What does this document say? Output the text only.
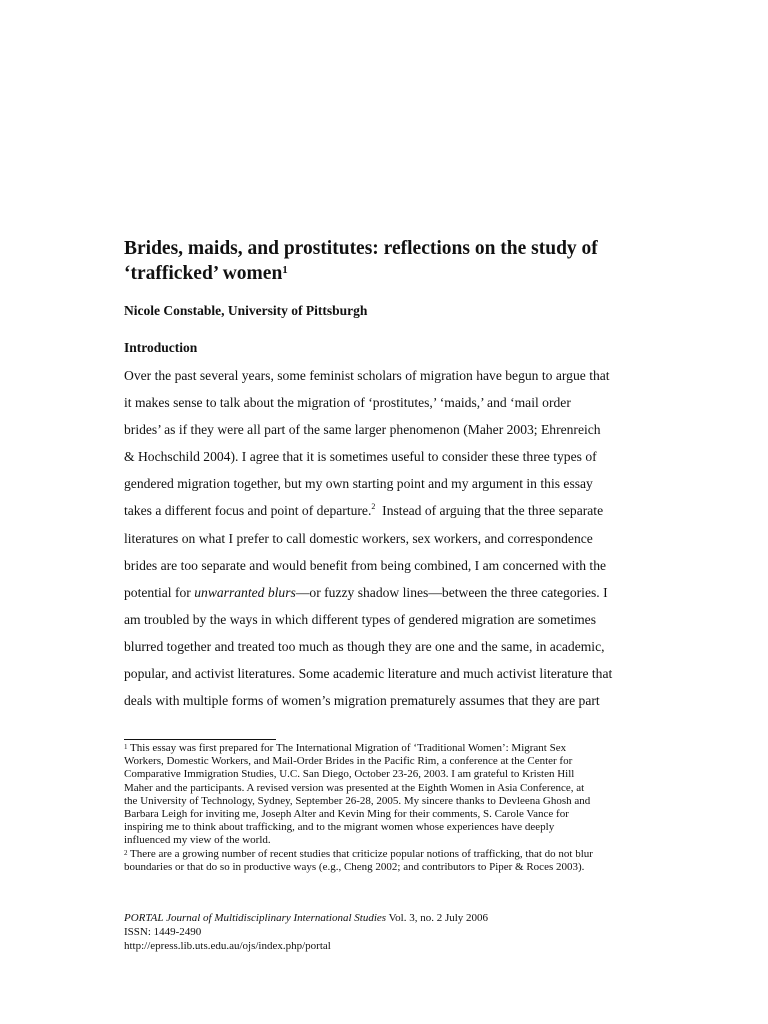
Brides, maids, and prostitutes: reflections on the study of
‘trafficked’ women$^1$

Nicole Constable, University of Pittsburgh

Introduction

Over the past several years, some feminist scholars of migration have begun to argue that
it makes sense to talk about the migration of ‘prostitutes,’ ‘maids,’ and ‘mail order
brides’ as if they were all part of the same larger phenomenon (Maher 2003; Ehrenreich
& Hochschild 2004). I agree that it is sometimes useful to consider these three types of
gendered migration together, but my own starting point and my argument in this essay
takes a different focus and point of departure.$^2$  Instead of arguing that the three separate
literatures on what I prefer to call domestic workers, sex workers, and correspondence
brides are too separate and would benefit from being combined, I am concerned with the
potential for unwarranted blurs—or fuzzy shadow lines—between the three categories. I
am troubled by the ways in which different types of gendered migration are sometimes
blurred together and treated too much as though they are one and the same, in academic,
popular, and activist literatures. Some academic literature and much activist literature that
deals with multiple forms of women’s migration prematurely assumes that they are part
$^1$ This essay was first prepared for The International Migration of ‘Traditional Women’: Migrant Sex
Workers, Domestic Workers, and Mail-Order Brides in the Pacific Rim, a conference at the Center for
Comparative Immigration Studies, U.C. San Diego, October 23-26, 2003. I am grateful to Kristen Hill
Maher and the participants. A revised version was presented at the Eighth Women in Asia Conference, at
the University of Technology, Sydney, September 26-28, 2005. My sincere thanks to Devleena Ghosh and
Barbara Leigh for inviting me, Joseph Alter and Kevin Ming for their comments, S. Carole Vance for
inspiring me to think about trafficking, and to the migrant women whose experiences have deeply
influenced my view of the world.
$^2$ There are a growing number of recent studies that criticize popular notions of trafficking, that do not blur
boundaries or that do so in productive ways (e.g., Cheng 2002; and contributors to Piper & Roces 2003).
PORTAL Journal of Multidisciplinary International Studies Vol. 3, no. 2 July 2006
ISSN: 1449-2490
http://epress.lib.uts.edu.au/ojs/index.php/portal
